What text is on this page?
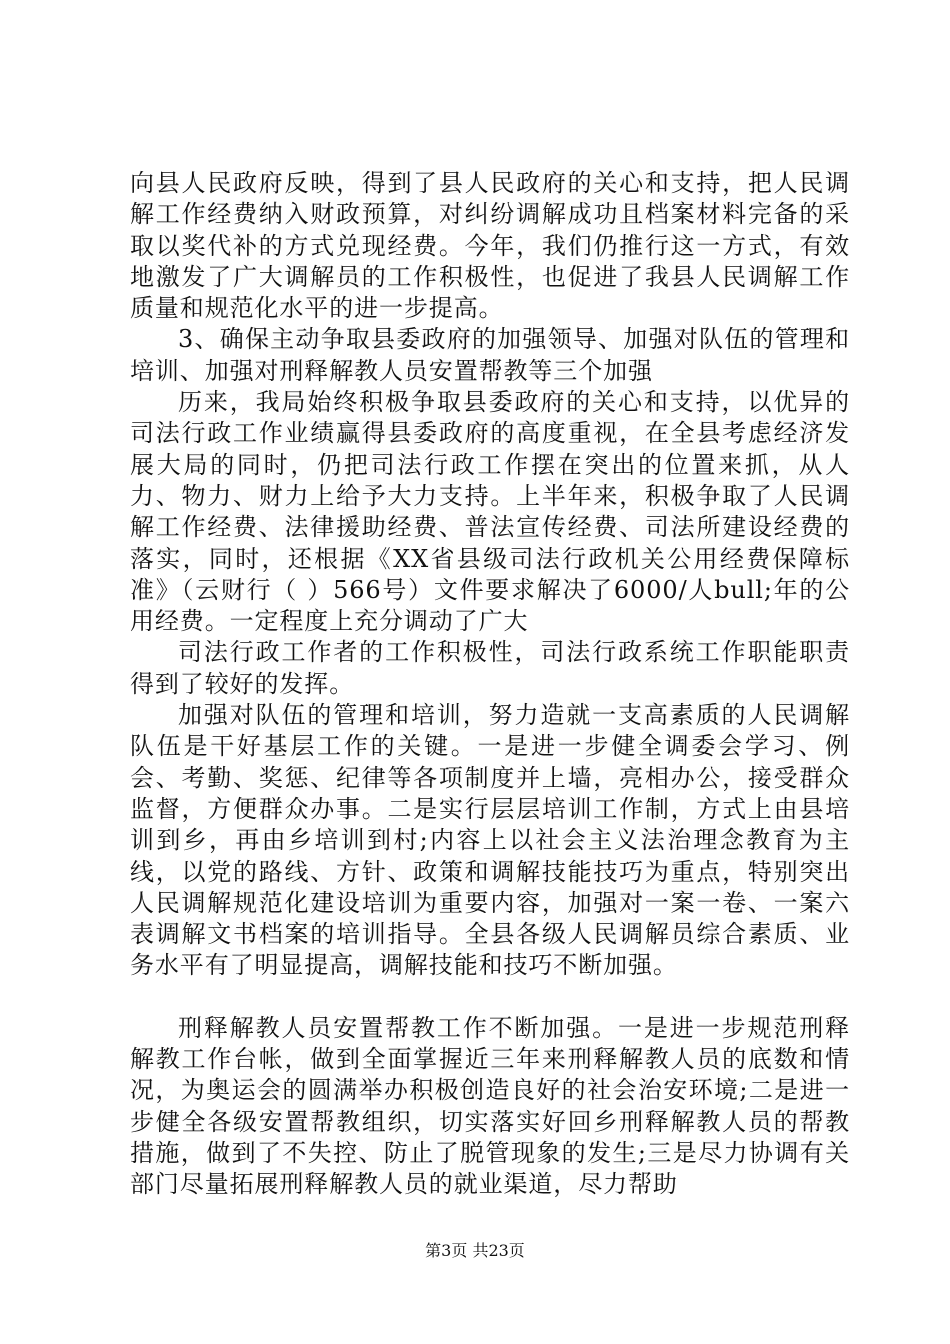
向县人民政府反映，得到了县人民政府的关心和支持，把人民调解工作经费纳入财政预算，对纠纷调解成功且档案材料完备的采取以奖代补的方式兑现经费。今年，我们仍推行这一方式，有效地激发了广大调解员的工作积极性，也促进了我县人民调解工作质量和规范化水平的进一步提高。

3、确保主动争取县委政府的加强领导、加强对队伍的管理和培训、加强对刑释解教人员安置帮教等三个加强

历来，我局始终积极争取县委政府的关心和支持，以优异的司法行政工作业绩赢得县委政府的高度重视，在全县考虑经济发展大局的同时，仍把司法行政工作摆在突出的位置来抓，从人力、物力、财力上给予大力支持。上半年来，积极争取了人民调解工作经费、法律援助经费、普法宣传经费、司法所建设经费的落实，同时，还根据《XX省县级司法行政机关公用经费保障标准》（云财行（ ）566号）文件要求解决了6000/人bull;年的公用经费。一定程度上充分调动了广大

司法行政工作者的工作积极性，司法行政系统工作职能职责得到了较好的发挥。

加强对队伍的管理和培训，努力造就一支高素质的人民调解队伍是干好基层工作的关键。一是进一步健全调委会学习、例会、考勤、奖惩、纪律等各项制度并上墙，亮相办公，接受群众监督，方便群众办事。二是实行层层培训工作制，方式上由县培训到乡，再由乡培训到村;内容上以社会主义法治理念教育为主线，以党的路线、方针、政策和调解技能技巧为重点，特别突出人民调解规范化建设培训为重要内容，加强对一案一卷、一案六表调解文书档案的培训指导。全县各级人民调解员综合素质、业务水平有了明显提高，调解技能和技巧不断加强。

刑释解教人员安置帮教工作不断加强。一是进一步规范刑释解教工作台帐，做到全面掌握近三年来刑释解教人员的底数和情况，为奥运会的圆满举办积极创造良好的社会治安环境;二是进一步健全各级安置帮教组织，切实落实好回乡刑释解教人员的帮教措施，做到了不失控、防止了脱管现象的发生;三是尽力协调有关部门尽量拓展刑释解教人员的就业渠道，尽力帮助

第3页 共23页
